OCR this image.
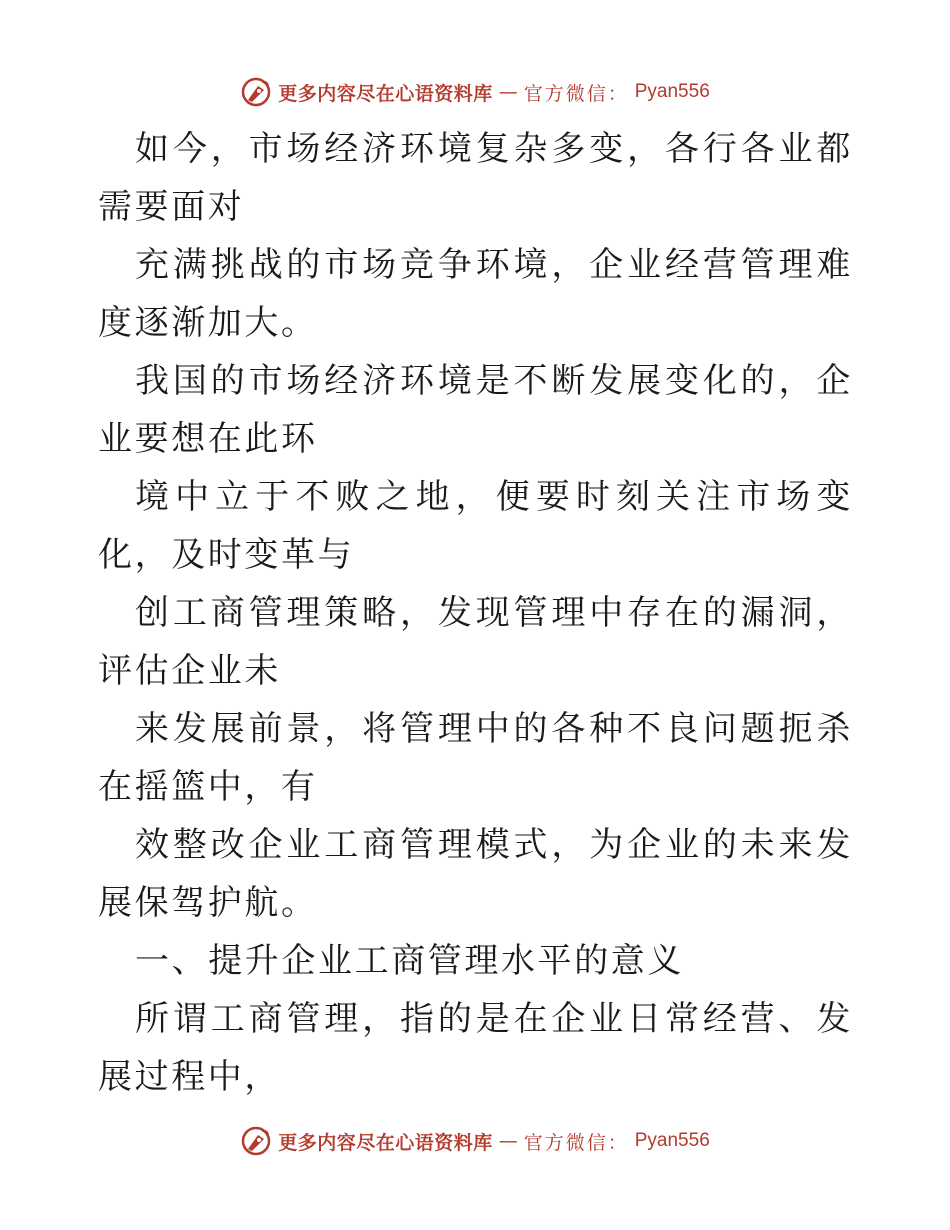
更多内容尽在心语资料库 — 官方微信： Pyan556

如今，市场经济环境复杂多变，各行各业都需要面对

充满挑战的市场竞争环境，企业经营管理难度逐渐加大。

我国的市场经济环境是不断发展变化的，企业要想在此环

境中立于不败之地，便要时刻关注市场变化，及时变革与

创工商管理策略，发现管理中存在的漏洞，评估企业未

来发展前景，将管理中的各种不良问题扼杀在摇篮中，有

效整改企业工商管理模式，为企业的未来发展保驾护航。

一、提升企业工商管理水平的意义

所谓工商管理，指的是在企业日常经营、发展过程中，

更多内容尽在心语资料库 — 官方微信： Pyan556
